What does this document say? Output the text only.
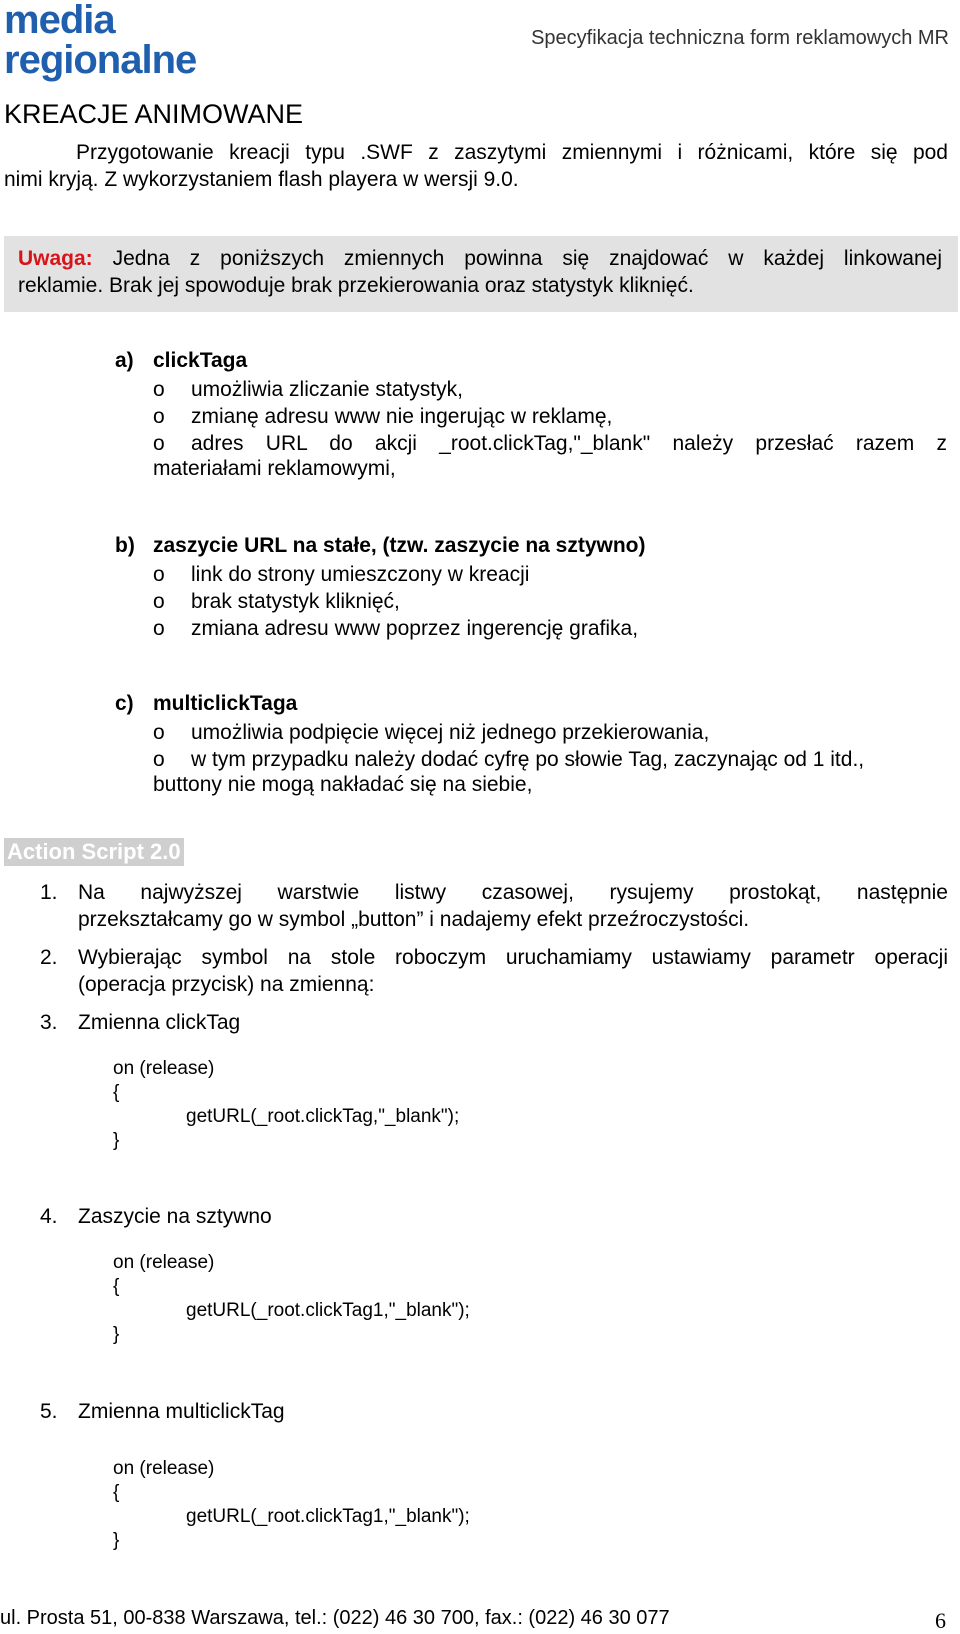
media
regionalne	Specyfikacja techniczna form reklamowych MR
KREACJE ANIMOWANE
Przygotowanie kreacji typu .SWF z zaszytymi zmiennymi i różnicami, które się pod
nimi kryją. Z wykorzystaniem flash playera w wersji 9.0.
Uwaga: Jedna z poniższych zmiennych powinna się znajdować w każdej linkowanej
reklamie. Brak jej spowoduje brak przekierowania oraz statystyk kliknięć.
a) clickTaga
o umożliwia zliczanie statystyk,
o zmianę adresu www nie ingerując w reklamę,
o adres URL do akcji _root.clickTag,"_blank" należy przesłać razem z
materiałami reklamowymi,
b) zaszycie URL na stałe, (tzw. zaszycie na sztywno)
o link do strony umieszczony w kreacji
o brak statystyk kliknięć,
o zmiana adresu www poprzez ingerencję grafika,
c) multiclickTaga
o umożliwia podpięcie więcej niż jednego przekierowania,
o w tym przypadku należy dodać cyfrę po słowie Tag, zaczynając od 1 itd.,
buttony nie mogą nakładać się na siebie,
Action Script 2.0
1. Na najwyższej warstwie listwy czasowej, rysujemy prostokąt, następnie
przekształcamy go w symbol „button” i nadajemy efekt przeźroczystości.
2. Wybierając symbol na stole roboczym uruchamiamy ustawiamy parametr operacji
(operacja przycisk) na zmienną:
3. Zmienna clickTag
on (release)
{
getURL(_root.clickTag,"_blank");
}
4. Zaszycie na sztywno
on (release)
{
getURL(_root.clickTag1,"_blank");
}
5. Zmienna multiclickTag
on (release)
{
getURL(_root.clickTag1,"_blank");
}
ul. Prosta 51, 00-838 Warszawa, tel.: (022) 46 30 700, fax.: (022) 46 30 077	6
